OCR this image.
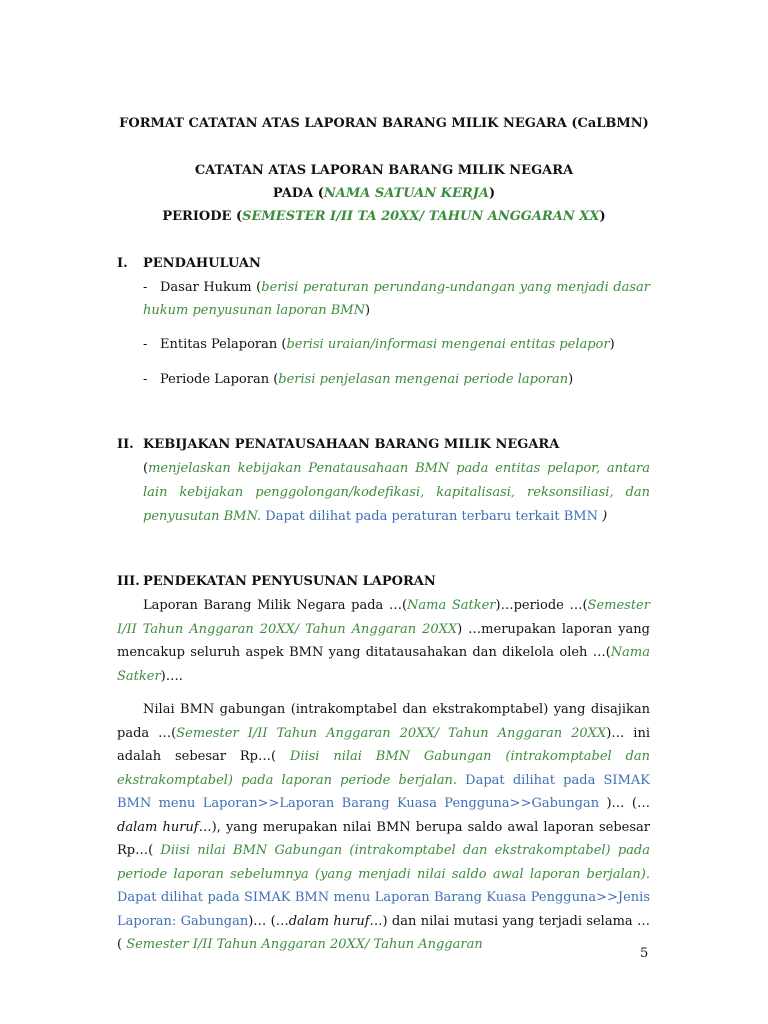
FORMAT CATATAN ATAS LAPORAN BARANG MILIK NEGARA (CaLBMN)
CATATAN ATAS LAPORAN BARANG MILIK NEGARA
PADA (NAMA SATUAN KERJA)
PERIODE (SEMESTER I/II TA 20XX/ TAHUN ANGGARAN XX)
I. PENDAHULUAN
- Dasar Hukum (berisi peraturan perundang-undangan yang menjadi dasar hukum penyusunan laporan BMN)
- Entitas Pelaporan (berisi uraian/informasi mengenai entitas pelapor)
- Periode Laporan (berisi penjelasan mengenai periode laporan)
II. KEBIJAKAN PENATAUSAHAAN BARANG MILIK NEGARA
(menjelaskan kebijakan Penatausahaan BMN pada entitas pelapor, antara lain kebijakan penggolongan/kodefikasi, kapitalisasi, reksonsiliasi, dan penyusutan BMN. Dapat dilihat pada peraturan terbaru terkait BMN )
III. PENDEKATAN PENYUSUNAN LAPORAN
Laporan Barang Milik Negara pada …(Nama Satker)…periode …(Semester I/II Tahun Anggaran 20XX/ Tahun Anggaran 20XX) …merupakan laporan yang mencakup seluruh aspek BMN yang ditatausahakan dan dikelola oleh …(Nama Satker)….
Nilai BMN gabungan (intrakomptabel dan ekstrakomptabel) yang disajikan pada …(Semester I/II Tahun Anggaran 20XX/ Tahun Anggaran 20XX)… ini adalah sebesar Rp…( Diisi nilai BMN Gabungan (intrakomptabel dan ekstrakomptabel) pada laporan periode berjalan. Dapat dilihat pada SIMAK BMN menu Laporan>>Laporan Barang Kuasa Pengguna>>Gabungan )… (…dalam huruf…), yang merupakan nilai BMN berupa saldo awal laporan sebesar Rp…( Diisi nilai BMN Gabungan (intrakomptabel dan ekstrakomptabel) pada periode laporan sebelumnya (yang menjadi nilai saldo awal laporan berjalan). Dapat dilihat pada SIMAK BMN menu Laporan Barang Kuasa Pengguna>>Jenis Laporan: Gabungan)… (…dalam huruf…) dan nilai mutasi yang terjadi selama …( Semester I/II Tahun Anggaran 20XX/ Tahun Anggaran
5
